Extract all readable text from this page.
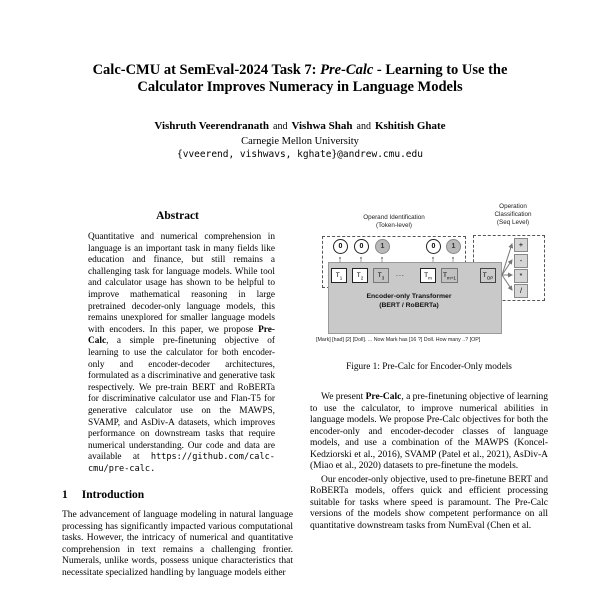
Calc-CMU at SemEval-2024 Task 7: Pre-Calc - Learning to Use the
Calculator Improves Numeracy in Language Models
Vishruth Veerendranath and Vishwa Shah and Kshitish Ghate
Carnegie Mellon University
{vveerend, vishwavs, kghate}@andrew.cmu.edu
Abstract

Quantitative and numerical comprehension in language is an important task in many fields like education and finance, but still remains a challenging task for language models. While tool and calculator usage has shown to be helpful to improve mathematical reasoning in large pretrained decoder-only language models, this remains unexplored for smaller language models with encoders. In this paper, we propose Pre-Calc, a simple pre-finetuning objective of learning to use the calculator for both encoder-only and encoder-decoder architectures, formulated as a discriminative and generative task respectively. We pre-train BERT and RoBERTa for discriminative calculator use and Flan-T5 for generative calculator use on the MAWPS, SVAMP, and AsDiv-A datasets, which improves performance on downstream tasks that require numerical understanding. Our code and data are available at https://github.com/calc-cmu/pre-calc.

1 Introduction

The advancement of language modeling in natural language processing has significantly impacted various computational tasks. However, the intricacy of numerical and quantitative comprehension in text remains a challenging frontier. Numerals, unlike words, possess unique characteristics that necessitate specialized handling by language models either

Operand Identification
(Token-level)
Operation
Classification
(Seq Level)
Encoder-only Transformer
(BERT / RoBERTa)
0	0	1	0	1
↑	↑	↑	↑	↑
$T_1$	$T_2$	$T_3$	...	$T_m$	$T_{m+1}$	$T_{OP}$
+
-
*
/
[Mark] [had] [2] [Doll]. ... Now Mark has [16 ?] Doll. How many ..? [OP]
Figure 1: Pre-Calc for Encoder-Only models

We present Pre-Calc, a pre-finetuning objective of learning to use the calculator, to improve numerical abilities in language models. We propose Pre-Calc objectives for both the encoder-only and encoder-decoder classes of language models, and use a combination of the MAWPS (Koncel-Kedziorski et al., 2016), SVAMP (Patel et al., 2021), AsDiv-A (Miao et al., 2020) datasets to pre-finetune the models.

Our encoder-only objective, used to pre-finetune BERT and RoBERTa models, offers quick and efficient processing suitable for tasks where speed is paramount. The Pre-Calc versions of the models show competent performance on all quantitative downstream tasks from NumEval (Chen et al.
